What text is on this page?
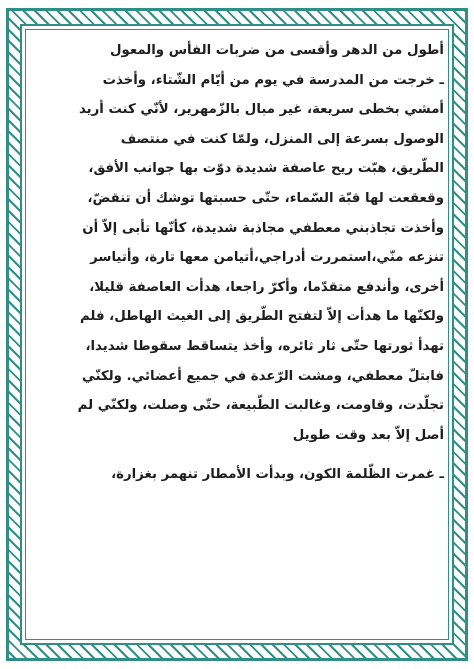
أطول من الدهر وأقسى من ضربات الفأس والمعول
ـ خرجت من المدرسة في يوم من أيّام الشّتاء، وأخذت
أمشي بخطى سريعة، غير مبال بالزّمهرير، لأنّي كنت أريد
الوصول بسرعة إلى المنزل، ولمّا كنت في منتصف
الطّريق، هبّت ريح عاصفة شديدة دوّت بها جوانب الأفق،
وقعقعت لها قبّة السّماء، حتّى حسبتها توشك أن تنقضّ،
وأخذت تجاذبني معطفي مجاذبة شديدة، كأنّها تأبى إلاّ أن
تنزعه منّي،استمررت أدراجي،أتيامن معها تارة، وأتياسر
أخرى، وأندفع متقدّما، وأكرّ راجعا، هدأت العاصفة قليلا،
ولكنّها ما هدأت إلاّ لتفتح الطّريق إلى الغيث الهاطل، فلم
تهدأ ثورتها حتّى ثار ثائره، وأخذ يتساقط سقوطا شديدا،
فابتلّ معطفي، ومشت الرّعدة في جميع أعضائي. ولكنّي
تجلّدت، وقاومت، وغالبت الطّبيعة، حتّى وصلت، ولكنّي لم
أصل إلاّ بعد وقت طويل
ـ غمرت الظّلمة الكون، وبدأت الأمطار تنهمر بغزارة،
